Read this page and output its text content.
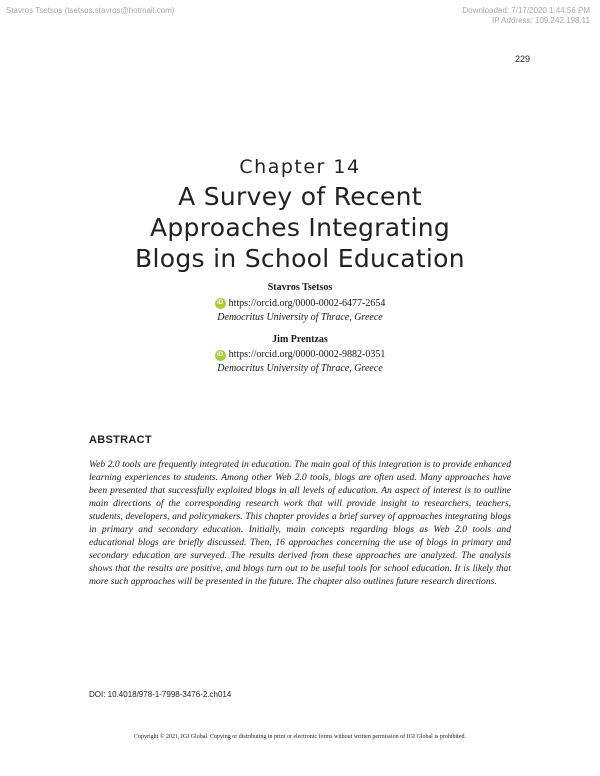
Stavros Tsetsos (tsetsos.stavros@hotmail.com)	Downloaded: 7/17/2020 1:44:56 PM
IP Address: 109.242.198.11
229
Chapter 14
A Survey of Recent
Approaches Integrating
Blogs in School Education
Stavros Tsetsos
iD https://orcid.org/0000-0002-6477-2654
Democritus University of Thrace, Greece
Jim Prentzas
iD https://orcid.org/0000-0002-9882-0351
Democritus University of Thrace, Greece
ABSTRACT
Web 2.0 tools are frequently integrated in education. The main goal of this integration is to provide enhanced learning experiences to students. Among other Web 2.0 tools, blogs are often used. Many approaches have been presented that successfully exploited blogs in all levels of education. An aspect of interest is to outline main directions of the corresponding research work that will provide insight to researchers, teachers, students, developers, and policymakers. This chapter provides a brief survey of approaches integrating blogs in primary and secondary education. Initially, main concepts regarding blogs as Web 2.0 tools and educational blogs are briefly discussed. Then, 16 approaches concerning the use of blogs in primary and secondary education are surveyed. The results derived from these approaches are analyzed. The analysis shows that the results are positive, and blogs turn out to be useful tools for school education. It is likely that more such approaches will be presented in the future. The chapter also outlines future research directions.
DOI: 10.4018/978-1-7998-3476-2.ch014
Copyright © 2021, IGI Global. Copying or distributing in print or electronic forms without written permission of IGI Global is prohibited.
